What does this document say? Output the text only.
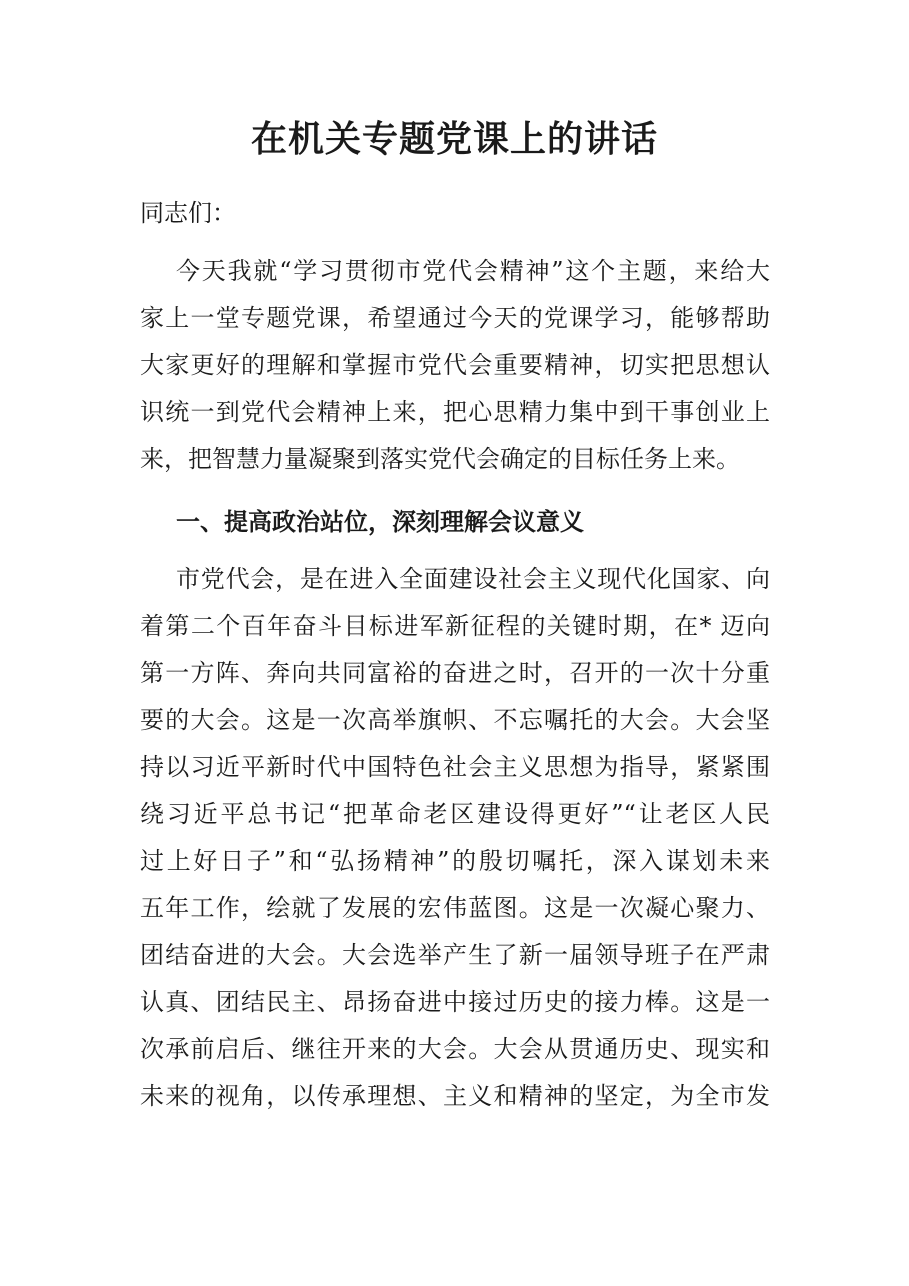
在机关专题党课上的讲话
同志们：
今天我就“学习贯彻市党代会精神”这个主题，来给大
家上一堂专题党课，希望通过今天的党课学习，能够帮助
大家更好的理解和掌握市党代会重要精神，切实把思想认
识统一到党代会精神上来，把心思精力集中到干事创业上
来，把智慧力量凝聚到落实党代会确定的目标任务上来。
一、提高政治站位，深刻理解会议意义
市党代会，是在进入全面建设社会主义现代化国家、向
着第二个百年奋斗目标进军新征程的关键时期，在* 迈向
第一方阵、奔向共同富裕的奋进之时，召开的一次十分重
要的大会。这是一次高举旗帜、不忘嘱托的大会。大会坚
持以习近平新时代中国特色社会主义思想为指导，紧紧围
绕习近平总书记“把革命老区建设得更好”“让老区人民
过上好日子”和“弘扬精神”的殷切嘱托，深入谋划未来
五年工作，绘就了发展的宏伟蓝图。这是一次凝心聚力、
团结奋进的大会。大会选举产生了新一届领导班子在严肃
认真、团结民主、昂扬奋进中接过历史的接力棒。这是一
次承前启后、继往开来的大会。大会从贯通历史、现实和
未来的视角，以传承理想、主义和精神的坚定，为全市发
